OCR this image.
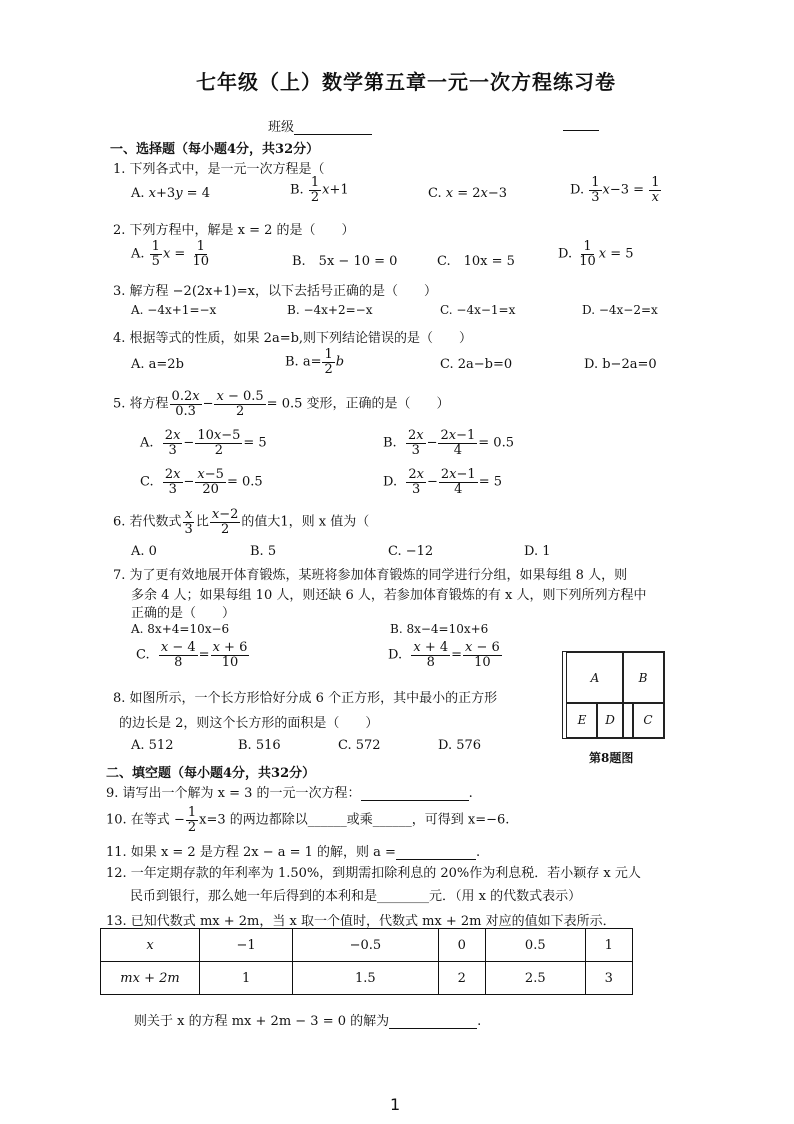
七年级（上）数学第五章一元一次方程练习卷
班级
一、选择题（每小题4分，共32分）
1. 下列各式中，是一元一次方程是（
A. x+3y = 4	B. $\frac{1}{2} x+1$	C. x = 2x−3	D. $\frac{1}{3} x-3 = \frac{1}{x}$
2. 下列方程中，解是 x = 2 的是（　　）
A. $\frac{1}{5}$ $x = \frac{1}{10}$	B.　5x − 10 = 0	C.　10x = 5	D. $\frac{1}{10}$ x = 5
3. 解方程 −2(2x+1)=x，以下去括号正确的是（　　）
A. −4x+1=−x	B. −4x+2=−x	C. −4x−1=x	D. −4x−2=x
4. 根据等式的性质，如果 2a=b,则下列结论错误的是（　　）
A. a=2b	B. $a= \frac{1}{2}$ b	C. 2a−b=0	D. b−2a=0
5. 将方程 $\frac{0.2x}{0.3} - \frac{x - 0.5}{2} = 0.5$ 变形，正确的是（　　）
A. $\frac{2x}{3} - \frac{10x-5}{2} = 5$	B. $\frac{2x}{3} - \frac{2x-1}{4} = 0.5$
C. $\frac{2x}{3} - \frac{x-5}{20} = 0.5$	D. $\frac{2x}{3} - \frac{2x-1}{4} = 5$
6. 若代数式 $\frac{x}{3}$ 比 $\frac{x-2}{2}$ 的值大1，则 x 值为（
A. 0	B. 5	C. −12	D. 1
7. 为了更有效地展开体育锻炼，某班将参加体育锻炼的同学进行分组，如果每组 8 人，则
多余 4 人；如果每组 10 人，则还缺 6 人，若参加体育锻炼的有 x 人，则下列所列方程中
正确的是（　　）
A. 8x+4=10x−6	B. 8x−4=10x+6
C. $\frac{x - 4}{8} = \frac{x + 6}{10}$	D. $\frac{x + 4}{8} = \frac{x - 6}{10}$
A	B
E	D	C
第8题图
8. 如图所示，一个长方形恰好分成 6 个正方形，其中最小的正方形
的边长是 2，则这个长方形的面积是（　　）
A. 512	B. 516	C. 572	D. 576
二、填空题（每小题4分，共32分）
9. 请写出一个解为 x = 3 的一元一次方程：	.
10. 在等式 − $\frac{1}{2} x=3$ 的两边都除以______或乘______，可得到 x=−6.
11. 如果 x = 2 是方程 2x − a = 1 的解，则 a =	.
12. 一年定期存款的年利率为 1.50%，到期需扣除利息的 20%作为利息税．若小颖存 x 元人
民币到银行，那么她一年后得到的本利和是________元．（用 x 的代数式表示）
13. 已知代数式 mx + 2m，当 x 取一个值时，代数式 mx + 2m 对应的值如下表所示．
x	−1	−0.5	0	0.5	1
mx + 2m	1	1.5	2	2.5	3
则关于 x 的方程 mx + 2m − 3 = 0 的解为	.
1
